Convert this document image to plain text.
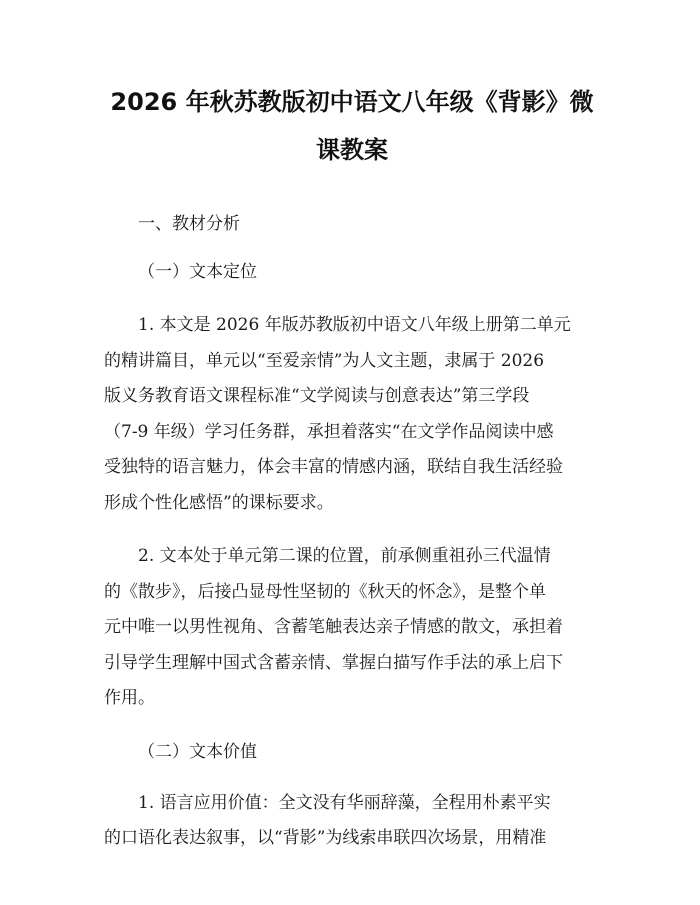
2026 年秋苏教版初中语文八年级《背影》微
课教案

一、教材分析

（一）文本定位

1. 本文是 2026 年版苏教版初中语文八年级上册第二单元
的精讲篇目，单元以“至爱亲情”为人文主题，隶属于 2026
版义务教育语文课程标准“文学阅读与创意表达”第三学段
（7-9 年级）学习任务群，承担着落实“在文学作品阅读中感
受独特的语言魅力，体会丰富的情感内涵，联结自我生活经验
形成个性化感悟”的课标要求。

2. 文本处于单元第二课的位置，前承侧重祖孙三代温情
的《散步》，后接凸显母性坚韧的《秋天的怀念》，是整个单
元中唯一以男性视角、含蓄笔触表达亲子情感的散文，承担着
引导学生理解中国式含蓄亲情、掌握白描写作手法的承上启下
作用。

（二）文本价值

1. 语言应用价值：全文没有华丽辞藻，全程用朴素平实
的口语化表达叙事，以“背影”为线索串联四次场景，用精准
